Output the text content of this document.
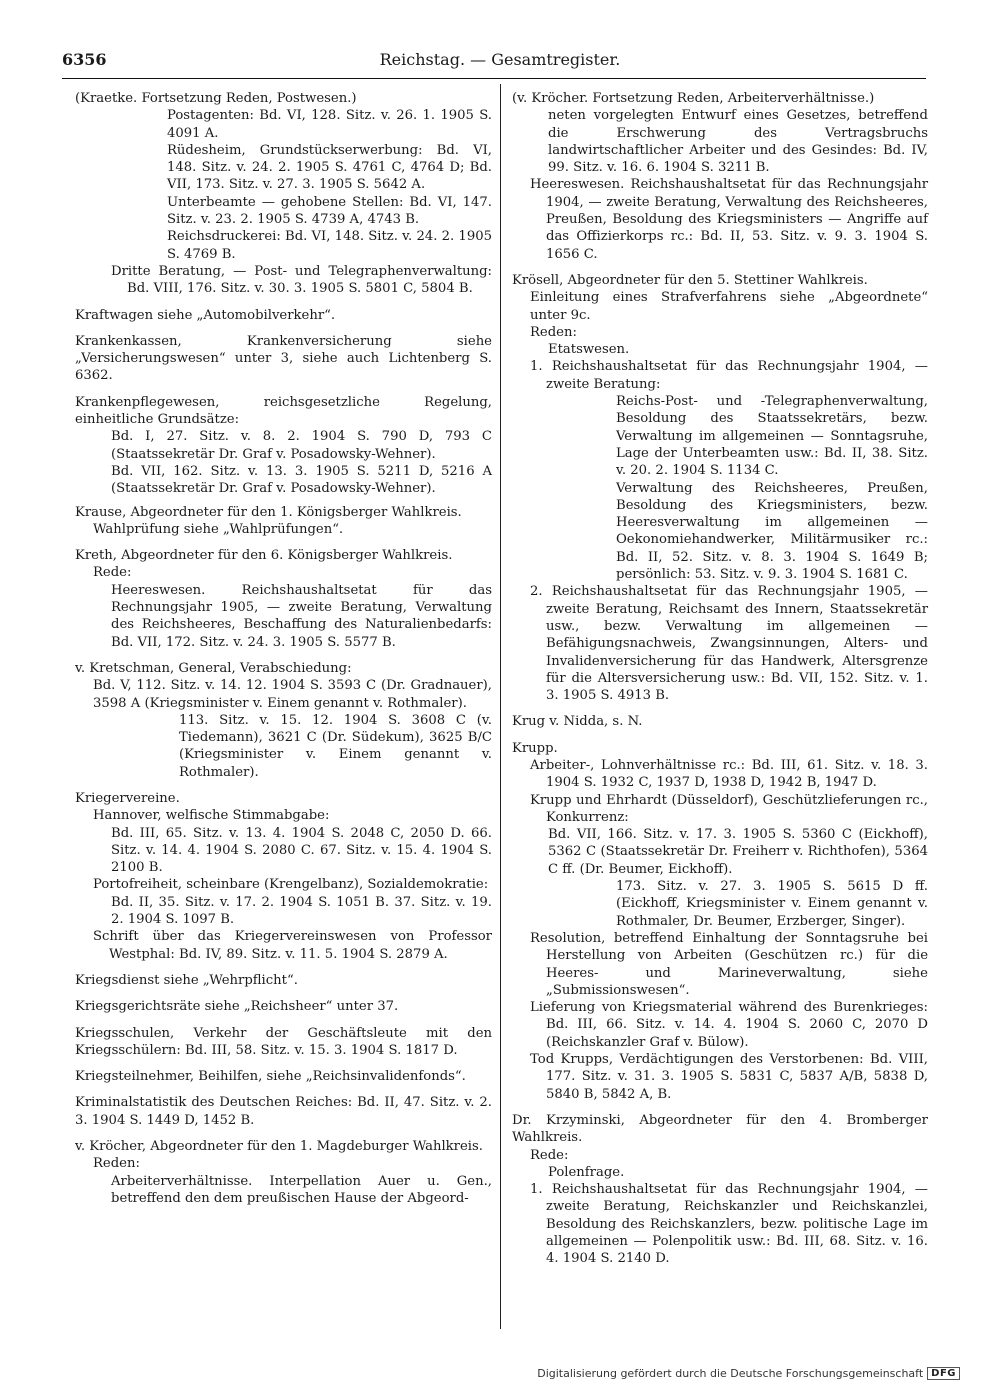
6356	Reichstag. — Gesamtregister.

(Kraetke. Fortsetzung Reden, Postwesen.)

Postagenten: Bd. VI, 128. Sitz. v. 26. 1. 1905 S. 4091 A.

Rüdesheim, Grundstückserwerbung: Bd. VI, 148. Sitz. v. 24. 2. 1905 S. 4761 C, 4764 D; Bd. VII, 173. Sitz. v. 27. 3. 1905 S. 5642 A.

Unterbeamte — gehobene Stellen: Bd. VI, 147. Sitz. v. 23. 2. 1905 S. 4739 A, 4743 B.

Reichsdruckerei: Bd. VI, 148. Sitz. v. 24. 2. 1905 S. 4769 B.

Dritte Beratung, — Post- und Telegraphenverwaltung: Bd. VIII, 176. Sitz. v. 30. 3. 1905 S. 5801 C, 5804 B.

Kraftwagen siehe „Automobilverkehr“.

Krankenkassen, Krankenversicherung siehe „Versicherungswesen“ unter 3, siehe auch Lichtenberg S. 6362.

Krankenpflegewesen, reichsgesetzliche Regelung, einheitliche Grundsätze:

Bd. I, 27. Sitz. v. 8. 2. 1904 S. 790 D, 793 C (Staatssekretär Dr. Graf v. Posadowsky-Wehner).

Bd. VII, 162. Sitz. v. 13. 3. 1905 S. 5211 D, 5216 A (Staatssekretär Dr. Graf v. Posadowsky-Wehner).

Krause, Abgeordneter für den 1. Königsberger Wahlkreis.

Wahlprüfung siehe „Wahlprüfungen“.

Kreth, Abgeordneter für den 6. Königsberger Wahlkreis.

Rede:

Heereswesen. Reichshaushaltsetat für das Rechnungsjahr 1905, — zweite Beratung, Verwaltung des Reichsheeres, Beschaffung des Naturalienbedarfs: Bd. VII, 172. Sitz. v. 24. 3. 1905 S. 5577 B.

v. Kretschman, General, Verabschiedung:

Bd. V, 112. Sitz. v. 14. 12. 1904 S. 3593 C (Dr. Gradnauer), 3598 A (Kriegsminister v. Einem genannt v. Rothmaler).

113. Sitz. v. 15. 12. 1904 S. 3608 C (v. Tiedemann), 3621 C (Dr. Südekum), 3625 B/C (Kriegsminister v. Einem genannt v. Rothmaler).

Kriegervereine.

Hannover, welfische Stimmabgabe:

Bd. III, 65. Sitz. v. 13. 4. 1904 S. 2048 C, 2050 D. 66. Sitz. v. 14. 4. 1904 S. 2080 C. 67. Sitz. v. 15. 4. 1904 S. 2100 B.

Portofreiheit, scheinbare (Krengelbanz), Sozialdemokratie:

Bd. II, 35. Sitz. v. 17. 2. 1904 S. 1051 B. 37. Sitz. v. 19. 2. 1904 S. 1097 B.

Schrift über das Kriegervereinswesen von Professor Westphal: Bd. IV, 89. Sitz. v. 11. 5. 1904 S. 2879 A.

Kriegsdienst siehe „Wehrpflicht“.

Kriegsgerichtsräte siehe „Reichsheer“ unter 37.

Kriegsschulen, Verkehr der Geschäftsleute mit den Kriegsschülern: Bd. III, 58. Sitz. v. 15. 3. 1904 S. 1817 D.

Kriegsteilnehmer, Beihilfen, siehe „Reichsinvalidenfonds“.

Kriminalstatistik des Deutschen Reiches: Bd. II, 47. Sitz. v. 2. 3. 1904 S. 1449 D, 1452 B.

v. Kröcher, Abgeordneter für den 1. Magdeburger Wahlkreis.

Reden:

Arbeiterverhältnisse. Interpellation Auer u. Gen., betreffend den dem preußischen Hause der Abgeord-

(v. Kröcher. Fortsetzung Reden, Arbeiterverhältnisse.)

neten vorgelegten Entwurf eines Gesetzes, betreffend die Erschwerung des Vertragsbruchs landwirtschaftlicher Arbeiter und des Gesindes: Bd. IV, 99. Sitz. v. 16. 6. 1904 S. 3211 B.

Heereswesen. Reichshaushaltsetat für das Rechnungsjahr 1904, — zweite Beratung, Verwaltung des Reichsheeres, Preußen, Besoldung des Kriegsministers — Angriffe auf das Offizierkorps rc.: Bd. II, 53. Sitz. v. 9. 3. 1904 S. 1656 C.

Krösell, Abgeordneter für den 5. Stettiner Wahlkreis.

Einleitung eines Strafverfahrens siehe „Abgeordnete“ unter 9c.

Reden:

Etatswesen.

1. Reichshaushaltsetat für das Rechnungsjahr 1904, — zweite Beratung:

Reichs-Post- und -Telegraphenverwaltung, Besoldung des Staatssekretärs, bezw. Verwaltung im allgemeinen — Sonntagsruhe, Lage der Unterbeamten usw.: Bd. II, 38. Sitz. v. 20. 2. 1904 S. 1134 C.

Verwaltung des Reichsheeres, Preußen, Besoldung des Kriegsministers, bezw. Heeresverwaltung im allgemeinen — Oekonomiehandwerker, Militärmusiker rc.: Bd. II, 52. Sitz. v. 8. 3. 1904 S. 1649 B; persönlich: 53. Sitz. v. 9. 3. 1904 S. 1681 C.

2. Reichshaushaltsetat für das Rechnungsjahr 1905, — zweite Beratung, Reichsamt des Innern, Staatssekretär usw., bezw. Verwaltung im allgemeinen — Befähigungsnachweis, Zwangsinnungen, Alters- und Invalidenversicherung für das Handwerk, Altersgrenze für die Altersversicherung usw.: Bd. VII, 152. Sitz. v. 1. 3. 1905 S. 4913 B.

Krug v. Nidda, s. N.

Krupp.

Arbeiter-, Lohnverhältnisse rc.: Bd. III, 61. Sitz. v. 18. 3. 1904 S. 1932 C, 1937 D, 1938 D, 1942 B, 1947 D.

Krupp und Ehrhardt (Düsseldorf), Geschützlieferungen rc., Konkurrenz:

Bd. VII, 166. Sitz. v. 17. 3. 1905 S. 5360 C (Eickhoff), 5362 C (Staatssekretär Dr. Freiherr v. Richthofen), 5364 C ff. (Dr. Beumer, Eickhoff).

173. Sitz. v. 27. 3. 1905 S. 5615 D ff. (Eickhoff, Kriegsminister v. Einem genannt v. Rothmaler, Dr. Beumer, Erzberger, Singer).

Resolution, betreffend Einhaltung der Sonntagsruhe bei Herstellung von Arbeiten (Geschützen rc.) für die Heeres- und Marineverwaltung, siehe „Submissionswesen“.

Lieferung von Kriegsmaterial während des Burenkrieges: Bd. III, 66. Sitz. v. 14. 4. 1904 S. 2060 C, 2070 D (Reichskanzler Graf v. Bülow).

Tod Krupps, Verdächtigungen des Verstorbenen: Bd. VIII, 177. Sitz. v. 31. 3. 1905 S. 5831 C, 5837 A/B, 5838 D, 5840 B, 5842 A, B.

Dr. Krzyminski, Abgeordneter für den 4. Bromberger Wahlkreis.

Rede:

Polenfrage.

1. Reichshaushaltsetat für das Rechnungsjahr 1904, — zweite Beratung, Reichskanzler und Reichskanzlei, Besoldung des Reichskanzlers, bezw. politische Lage im allgemeinen — Polenpolitik usw.: Bd. III, 68. Sitz. v. 16. 4. 1904 S. 2140 D.

Digitalisierung gefördert durch die Deutsche Forschungsgemeinschaft DFG
